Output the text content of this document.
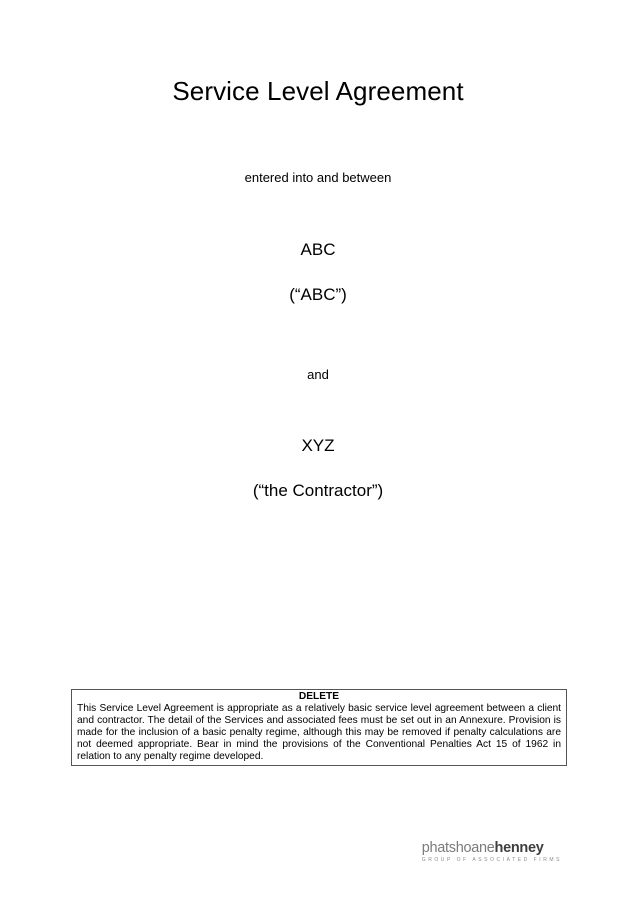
Service Level Agreement

entered into and between

ABC

(“ABC”)

and

XYZ

(“the Contractor”)

DELETE

This Service Level Agreement is appropriate as a relatively basic service level agreement between a client and contractor. The detail of the Services and associated fees must be set out in an Annexure. Provision is made for the inclusion of a basic penalty regime, although this may be removed if penalty calculations are not deemed appropriate. Bear in mind the provisions of the Conventional Penalties Act 15 of 1962 in relation to any penalty regime developed.

phatshoanehenney
GROUP OF ASSOCIATED FIRMS
